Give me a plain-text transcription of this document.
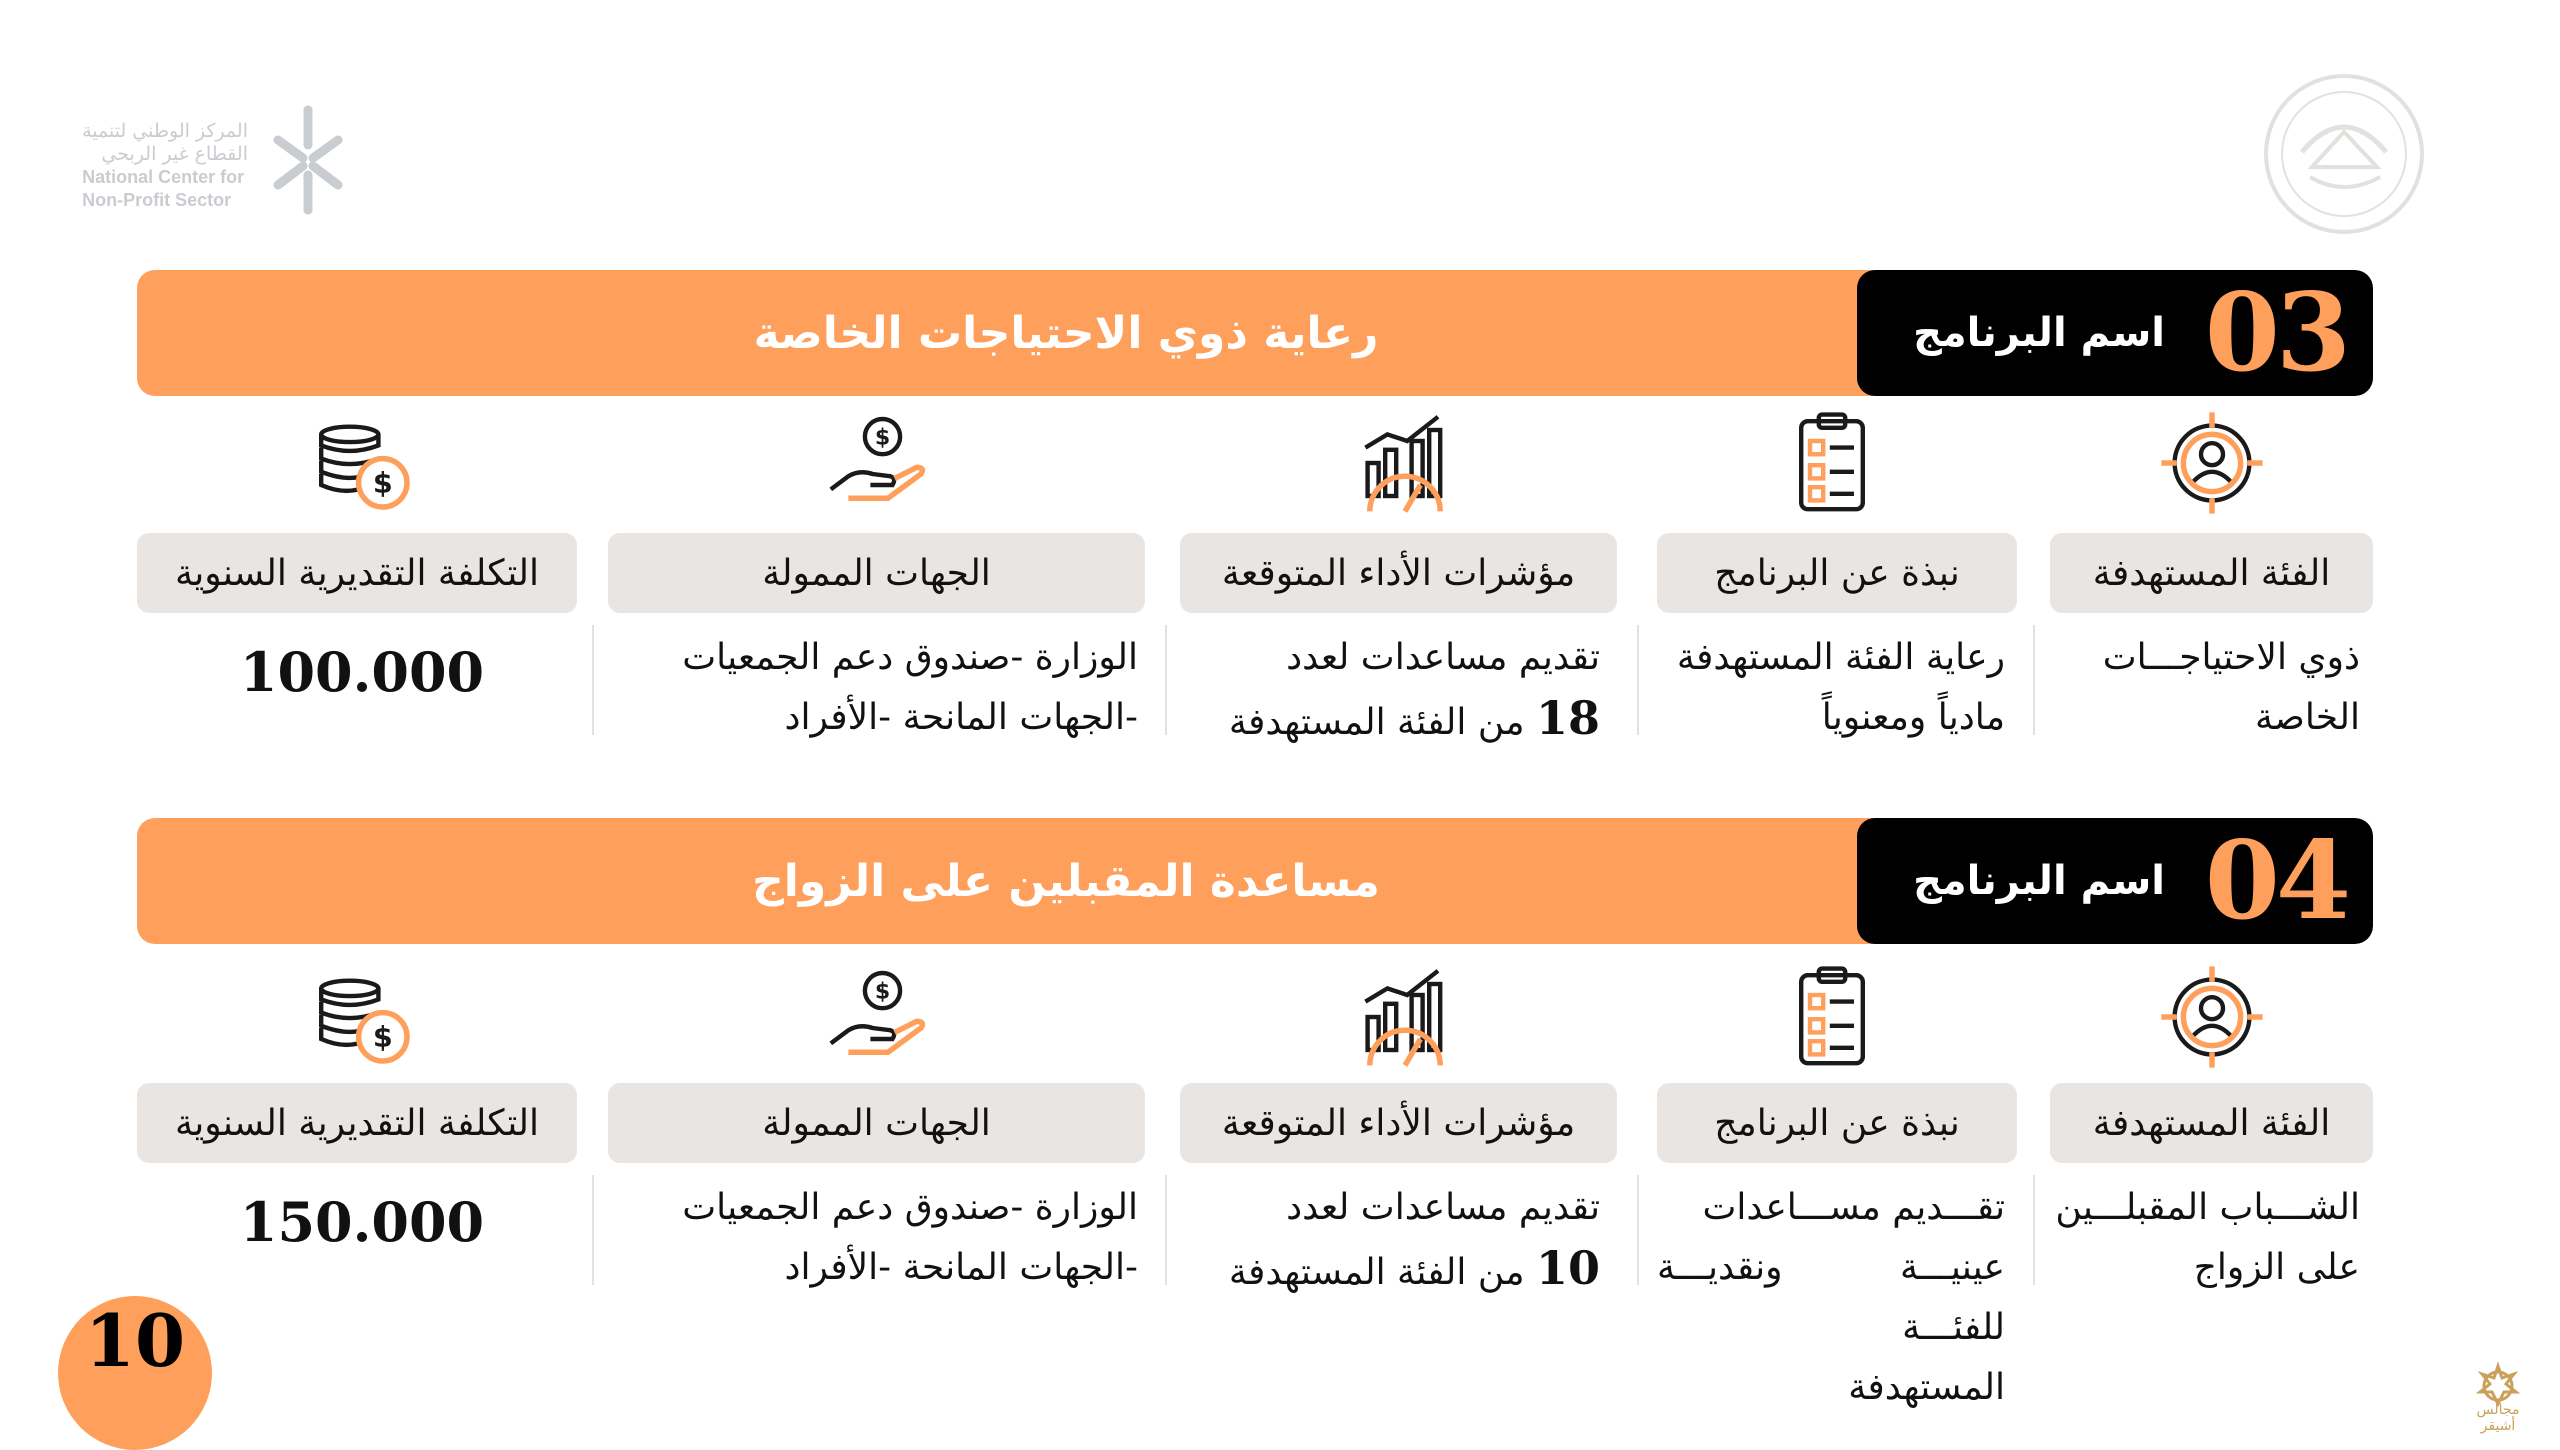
المركز الوطني لتنمية
القطاع غير الربحي
National Center for
Non-Profit Sector
مجالس أشيقر
رعاية ذوي الاحتياجات الخاصة	اسم البرنامج 03
$
$
الفئة المستهدفة
نبذة عن البرنامج
مؤشرات الأداء المتوقعة
الجهات الممولة
التكلفة التقديرية السنوية
ذوي الاحتياجـــات
الخاصة
رعاية الفئة المستهدفة
مادياً ومعنوياً
تقديم مساعدات لعدد
18 من الفئة المستهدفة
الوزارة -صندوق دعم الجمعيات
-الجهات المانحة -الأفراد
100.000
مساعدة المقبلين على الزواج	اسم البرنامج 04
$
$
الفئة المستهدفة
نبذة عن البرنامج
مؤشرات الأداء المتوقعة
الجهات الممولة
التكلفة التقديرية السنوية
الشـــباب المقبلـــين
على الزواج
تقـــديم مســـاعدات
عينيـــة ونقديـــة للفئـــة
المستهدفة
تقديم مساعدات لعدد
10 من الفئة المستهدفة
الوزارة -صندوق دعم الجمعيات
-الجهات المانحة -الأفراد
150.000
10
